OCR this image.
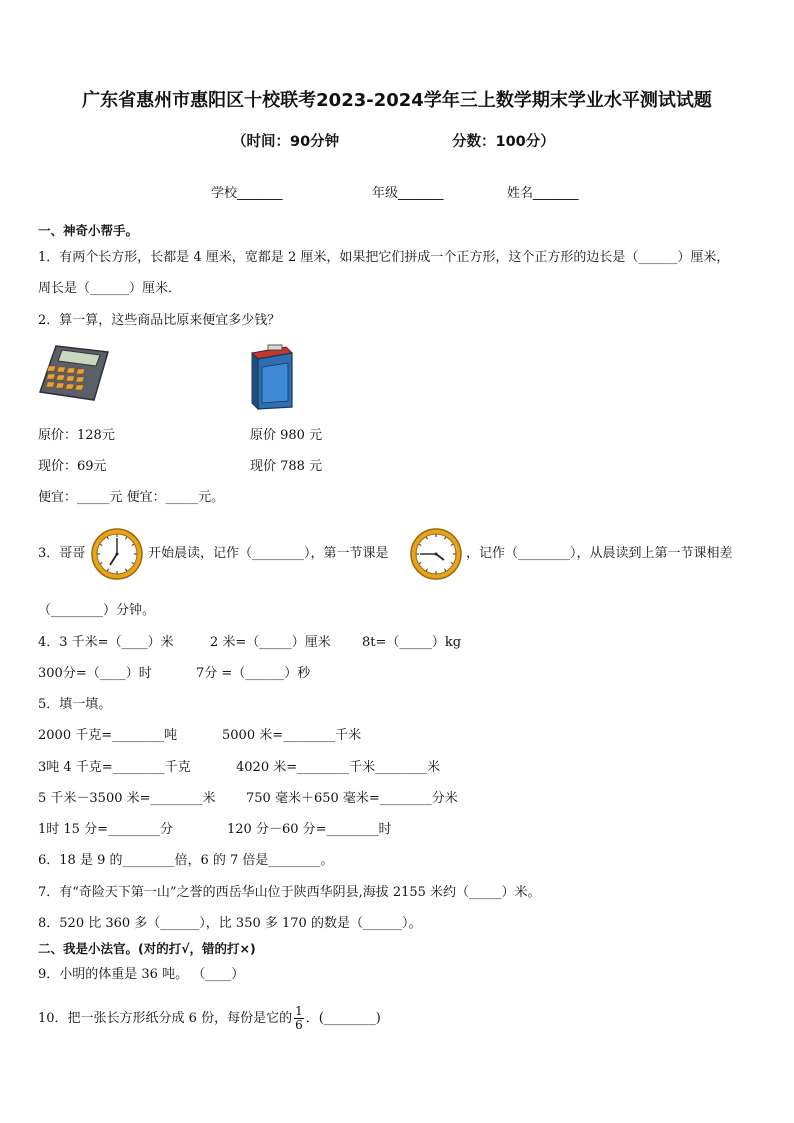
广东省惠州市惠阳区十校联考2023-2024学年三上数学期末学业水平测试试题
（时间：90分钟	分数：100分）
学校_______	年级_______	姓名_______
一、神奇小帮手。
1．有两个长方形，长都是 4 厘米，宽都是 2 厘米，如果把它们拼成一个正方形，这个正方形的边长是（______）厘米，
周长是（______）厘米．
2．算一算，这些商品比原来便宜多少钱？
原价：128元	原价 980 元
现价：69元	现价 788 元
便宜：_____元 便宜：_____元。
3．哥哥	开始晨读，记作（________），第一节课是	，记作（________），从晨读到上第一节课相差
（________）分钟。
4．3 千米=（____）米	2 米=（_____）厘米 8t=（_____）kg
300分=（____）时	7分 =（______）秒
5．填一填。
2000 千克=________吨	5000 米=________千米
3吨 4 千克=________千克	4020 米=________千米________米
5 千米－3500 米=________米 750 毫米＋650 毫米=________分米
1时 15 分=________分	120 分－60 分=________时
6．18 是 9 的________倍，6 的 7 倍是________。
7．有“奇险天下第一山”之誉的西岳华山位于陕西华阴县,海拔 2155 米约（_____）米。
8．520 比 360 多（______），比 350 多 170 的数是（______）。
二、我是小法官。(对的打√，错的打×)
9．小明的体重是 36 吨。 （____）
10．把一张长方形纸分成 6 份，每份是它的 $\frac{1}{6}$ ．(________)
